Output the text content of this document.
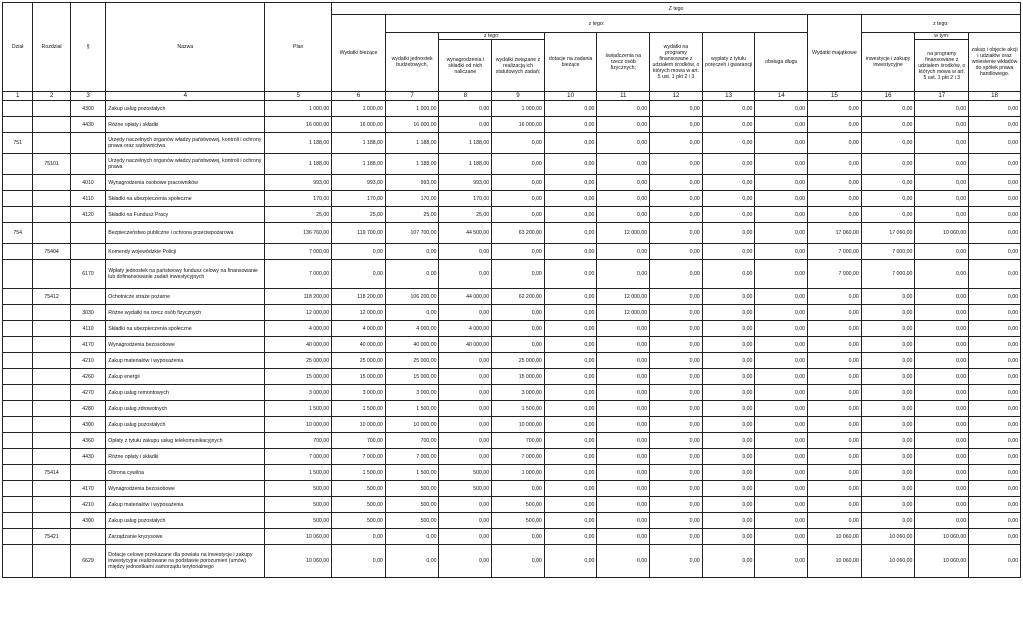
Dział	Rozdział	§	Nazwa	Plan	Z tego												
					Wydatki bieżące	z tego:								Wydatki majątkowe	z tego:		
						wydatki jednostek budżetowych,	z tego:		dotacje na zadania bieżące	świadczenia na rzecz osób fizycznych;	wydatki na programy finansowane z udziałem środków, o których mowa w art. 5 ust. 1 pkt 2 i 3	wypłaty z tytułu poręczeń i gwarancji	obsługa długu		inwestycje i zakupy inwestycyjne	w tym:	zakup i objęcie akcji i udziałów oraz wniesienie wkładów do spółek prawa handlowego.
							wynagrodzenia i składki od nich naliczane	wydatki związane z realizacją ich statutowych zadań;								na programy finansowane z udziałem środków, o których mowa w art. 5 ust. 1 pkt 2 i 3	
1	2	3	4	5	6	7	8	9	10	11	12	13	14	15	16	17	18
		4300	Zakup usług pozostałych	1 000,00	1 000,00	1 000,00	0,00	1 000,00	0,00	0,00	0,00	0,00	0,00	0,00	0,00	0,00	0,00
		4430	Różne opłaty i składki	16 000,00	16 000,00	16 000,00	0,00	16 000,00	0,00	0,00	0,00	0,00	0,00	0,00	0,00	0,00	0,00
751			Urzędy naczelnych organów władzy państwowej, kontroli i ochrony prawa oraz sądownictwa	1 188,00	1 188,00	1 188,00	1 188,00	0,00	0,00	0,00	0,00	0,00	0,00	0,00	0,00	0,00	0,00
	75101		Urzędy naczelnych organów władzy państwowej, kontroli i ochrony prawa	1 188,00	1 188,00	1 188,00	1 188,00	0,00	0,00	0,00	0,00	0,00	0,00	0,00	0,00	0,00	0,00
		4010	Wynagrodzenia osobowe pracowników	993,00	993,00	993,00	993,00	0,00	0,00	0,00	0,00	0,00	0,00	0,00	0,00	0,00	0,00
		4110	Składki na ubezpieczenia społeczne	170,00	170,00	170,00	170,00	0,00	0,00	0,00	0,00	0,00	0,00	0,00	0,00	0,00	0,00
		4120	Składki na Fundusz Pracy	25,00	25,00	25,00	25,00	0,00	0,00	0,00	0,00	0,00	0,00	0,00	0,00	0,00	0,00
754			Bezpieczeństwo publiczne i ochrona przeciwpożarowa	136 760,00	119 700,00	107 700,00	44 500,00	63 200,00	0,00	12 000,00	0,00	0,00	0,00	17 060,00	17 060,00	10 060,00	0,00
	75404		Komendy wojewódzkie Policji	7 000,00	0,00	0,00	0,00	0,00	0,00	0,00	0,00	0,00	0,00	7 000,00	7 000,00	0,00	0,00
		6170	Wpłaty jednostek na państwowy fundusz celowy na finansowanie lub dofinansowanie zadań inwestycyjnych	7 000,00	0,00	0,00	0,00	0,00	0,00	0,00	0,00	0,00	0,00	7 000,00	7 000,00	0,00	0,00
	75412		Ochotnicze straże pożarne	118 200,00	118 200,00	106 200,00	44 000,00	62 200,00	0,00	12 000,00	0,00	0,00	0,00	0,00	0,00	0,00	0,00
		3030	Różne wydatki na rzecz osób fizycznych	12 000,00	12 000,00	0,00	0,00	0,00	0,00	12 000,00	0,00	0,00	0,00	0,00	0,00	0,00	0,00
		4110	Składki na ubezpieczenia społeczne	4 000,00	4 000,00	4 000,00	4 000,00	0,00	0,00	0,00	0,00	0,00	0,00	0,00	0,00	0,00	0,00
		4170	Wynagrodzenia bezosobowe	40 000,00	40 000,00	40 000,00	40 000,00	0,00	0,00	0,00	0,00	0,00	0,00	0,00	0,00	0,00	0,00
		4210	Zakup materiałów i wyposażenia	25 000,00	25 000,00	25 000,00	0,00	25 000,00	0,00	0,00	0,00	0,00	0,00	0,00	0,00	0,00	0,00
		4260	Zakup energii	15 000,00	15 000,00	15 000,00	0,00	15 000,00	0,00	0,00	0,00	0,00	0,00	0,00	0,00	0,00	0,00
		4270	Zakup usług remontowych	3 000,00	3 000,00	3 000,00	0,00	3 000,00	0,00	0,00	0,00	0,00	0,00	0,00	0,00	0,00	0,00
		4280	Zakup usług zdrowotnych	1 500,00	1 500,00	1 500,00	0,00	1 500,00	0,00	0,00	0,00	0,00	0,00	0,00	0,00	0,00	0,00
		4300	Zakup usług pozostałych	10 000,00	10 000,00	10 000,00	0,00	10 000,00	0,00	0,00	0,00	0,00	0,00	0,00	0,00	0,00	0,00
		4360	Opłaty z tytułu zakupu usług telekomunikacyjnych	700,00	700,00	700,00	0,00	700,00	0,00	0,00	0,00	0,00	0,00	0,00	0,00	0,00	0,00
		4430	Różne opłaty i składki	7 000,00	7 000,00	7 000,00	0,00	7 000,00	0,00	0,00	0,00	0,00	0,00	0,00	0,00	0,00	0,00
	75414		Obrona cywilna	1 500,00	1 500,00	1 500,00	500,00	1 000,00	0,00	0,00	0,00	0,00	0,00	0,00	0,00	0,00	0,00
		4170	Wynagrodzenia bezosobowe	500,00	500,00	500,00	500,00	0,00	0,00	0,00	0,00	0,00	0,00	0,00	0,00	0,00	0,00
		4210	Zakup materiałów i wyposażenia	500,00	500,00	500,00	0,00	500,00	0,00	0,00	0,00	0,00	0,00	0,00	0,00	0,00	0,00
		4300	Zakup usług pozostałych	500,00	500,00	500,00	0,00	500,00	0,00	0,00	0,00	0,00	0,00	0,00	0,00	0,00	0,00
	75421		Zarządzanie kryzysowe	10 060,00	0,00	0,00	0,00	0,00	0,00	0,00	0,00	0,00	0,00	10 060,00	10 060,00	10 060,00	0,00
		6629	Dotacje celowe przekazane dla powiatu na inwestycje i zakupy inwestycyjne realizowane na podstawie porozumień (umów) między jednostkami samorządu terytorialnego	10 060,00	0,00	0,00	0,00	0,00	0,00	0,00	0,00	0,00	0,00	10 060,00	10 060,00	10 060,00	0,00
